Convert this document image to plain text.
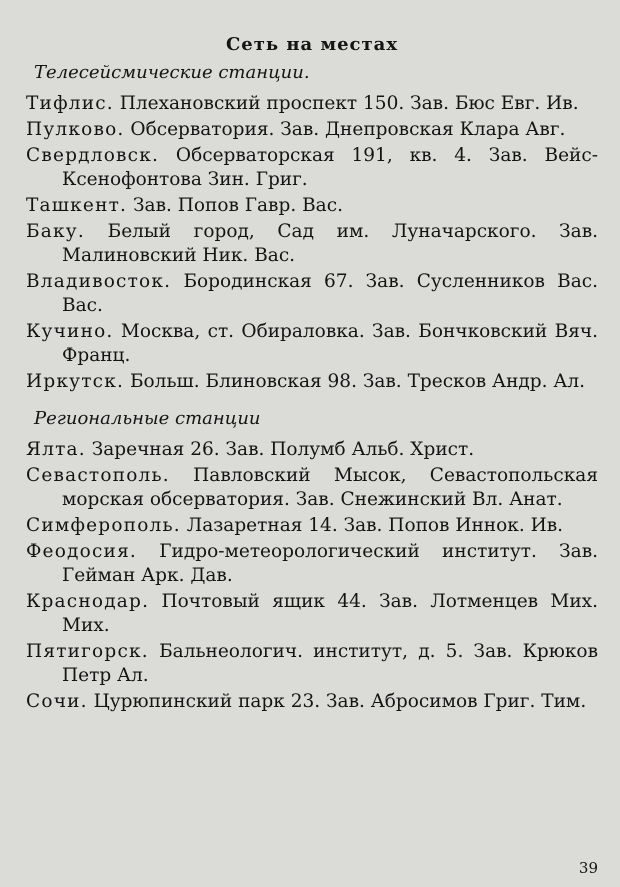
Сеть на местах
Телесейсмические станции.

Тифлис. Плехановский проспект 150. Зав. Бюс Евг. Ив.

Пулково. Обсерватория. Зав. Днепровская Клара Авг.

Свердловск. Обсерваторская 191, кв. 4. Зав. Вейс-Ксенофонтова Зин. Григ.

Ташкент. Зав. Попов Гавр. Вас.

Баку. Белый город, Сад им. Луначарского. Зав. Малиновский Ник. Вас.

Владивосток. Бородинская 67. Зав. Сусленников Вас. Вас.

Кучино. Москва, ст. Обираловка. Зав. Бончковский Вяч. Франц.

Иркутск. Больш. Блиновская 98. Зав. Тресков Андр. Ал.

Региональные станции

Ялта. Заречная 26. Зав. Полумб Альб. Христ.

Севастополь. Павловский Мысок, Севастопольская морская обсерватория. Зав. Снежинский Вл. Анат.

Симферополь. Лазаретная 14. Зав. Попов Иннок. Ив.

Феодосия. Гидро-метеорологический институт. Зав. Гейман Арк. Дав.

Краснодар. Почтовый ящик 44. Зав. Лотменцев Мих. Мих.

Пятигорск. Бальнеологич. институт, д. 5. Зав. Крюков Петр Ал.

Сочи. Цурюпинский парк 23. Зав. Абросимов Григ. Тим.

39
